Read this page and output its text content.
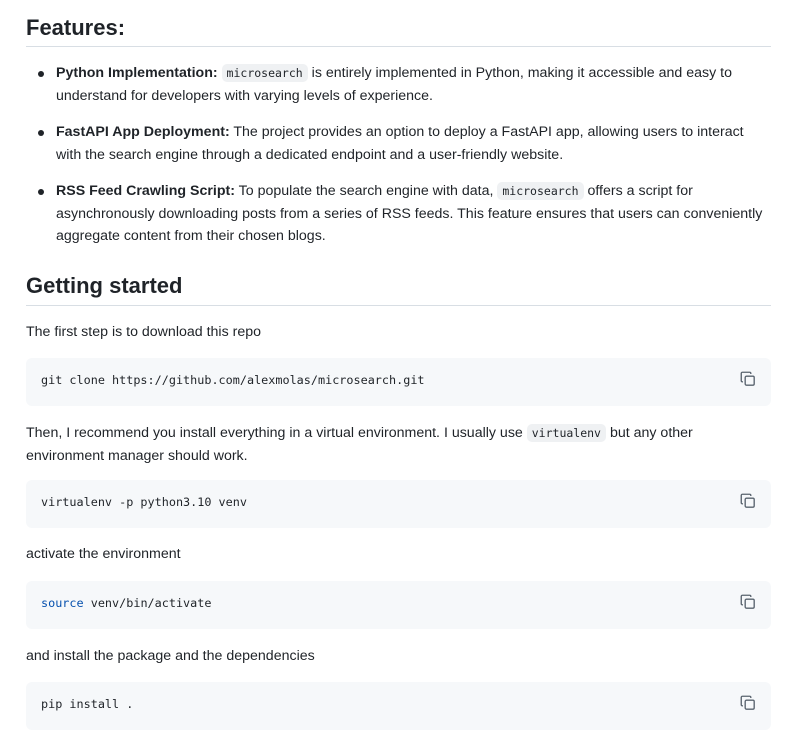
Features:
Python Implementation: microsearch is entirely implemented in Python, making it accessible and easy to understand for developers with varying levels of experience.
FastAPI App Deployment: The project provides an option to deploy a FastAPI app, allowing users to interact with the search engine through a dedicated endpoint and a user-friendly website.
RSS Feed Crawling Script: To populate the search engine with data, microsearch offers a script for asynchronously downloading posts from a series of RSS feeds. This feature ensures that users can conveniently aggregate content from their chosen blogs.
Getting started

The first step is to download this repo

git clone https://github.com/alexmolas/microsearch.git

Then, I recommend you install everything in a virtual environment. I usually use virtualenv but any other environment manager should work.

virtualenv -p python3.10 venv

activate the environment

source venv/bin/activate

and install the package and the dependencies

pip install .
